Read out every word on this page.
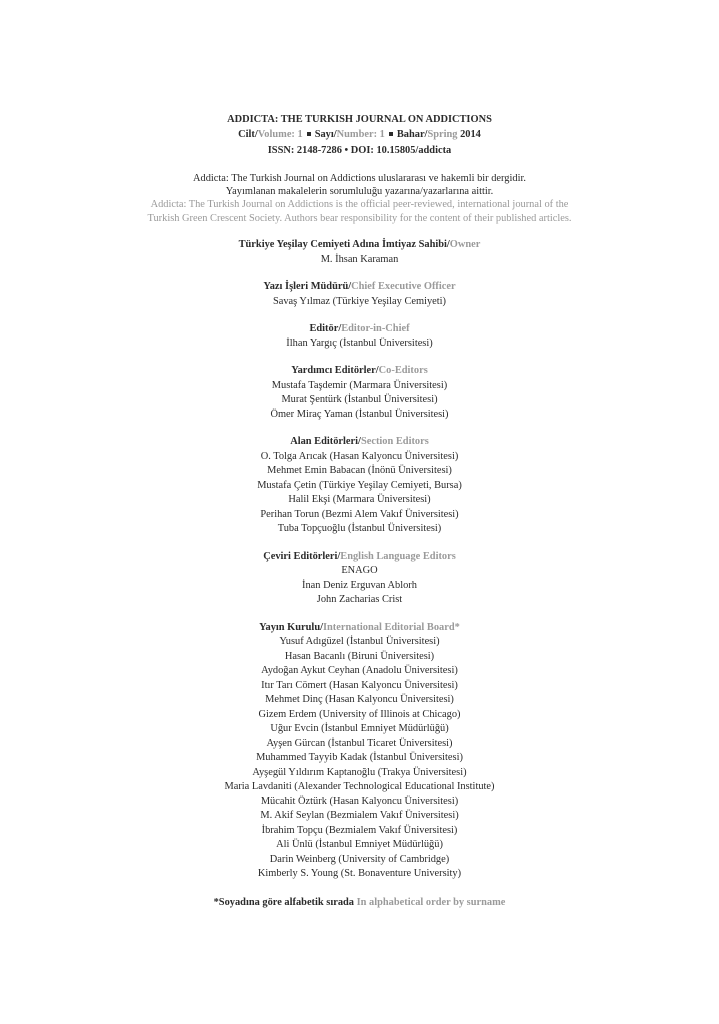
ADDICTA: THE TURKISH JOURNAL ON ADDICTIONS
Cilt/Volume: 1 Sayı/Number: 1 Bahar/Spring 2014
ISSN: 2148-7286 • DOI: 10.15805/addicta
Addicta: The Turkish Journal on Addictions uluslararası ve hakemli bir dergidir.
Yayımlanan makalelerin sorumluluğu yazarına/yazarlarına aittir.
Addicta: The Turkish Journal on Addictions is the official peer-reviewed, international journal of the
Turkish Green Crescent Society. Authors bear responsibility for the content of their published articles.
Türkiye Yeşilay Cemiyeti Adına İmtiyaz Sahibi/Owner
M. İhsan Karaman
Yazı İşleri Müdürü/Chief Executive Officer
Savaş Yılmaz (Türkiye Yeşilay Cemiyeti)
Editör/Editor-in-Chief
İlhan Yargıç (İstanbul Üniversitesi)
Yardımcı Editörler/Co-Editors
Mustafa Taşdemir (Marmara Üniversitesi)
Murat Şentürk (İstanbul Üniversitesi)
Ömer Miraç Yaman (İstanbul Üniversitesi)
Alan Editörleri/Section Editors
O. Tolga Arıcak (Hasan Kalyoncu Üniversitesi)
Mehmet Emin Babacan (İnönü Üniversitesi)
Mustafa Çetin (Türkiye Yeşilay Cemiyeti, Bursa)
Halil Ekşi (Marmara Üniversitesi)
Perihan Torun (Bezmi Alem Vakıf Üniversitesi)
Tuba Topçuoğlu (İstanbul Üniversitesi)
Çeviri Editörleri/English Language Editors
ENAGO
İnan Deniz Erguvan Ablorh
John Zacharias Crist
Yayın Kurulu/International Editorial Board*
Yusuf Adıgüzel (İstanbul Üniversitesi)
Hasan Bacanlı (Biruni Üniversitesi)
Aydoğan Aykut Ceyhan (Anadolu Üniversitesi)
Itır Tarı Cömert (Hasan Kalyoncu Üniversitesi)
Mehmet Dinç (Hasan Kalyoncu Üniversitesi)
Gizem Erdem (University of Illinois at Chicago)
Uğur Evcin (İstanbul Emniyet Müdürlüğü)
Ayşen Gürcan (İstanbul Ticaret Üniversitesi)
Muhammed Tayyib Kadak (İstanbul Üniversitesi)
Ayşegül Yıldırım Kaptanoğlu (Trakya Üniversitesi)
Maria Lavdaniti (Alexander Technological Educational Institute)
Mücahit Öztürk (Hasan Kalyoncu Üniversitesi)
M. Akif Seylan (Bezmialem Vakıf Üniversitesi)
İbrahim Topçu (Bezmialem Vakıf Üniversitesi)
Ali Ünlü (İstanbul Emniyet Müdürlüğü)
Darin Weinberg (University of Cambridge)
Kimberly S. Young (St. Bonaventure University)
*Soyadına göre alfabetik sırada In alphabetical order by surname
